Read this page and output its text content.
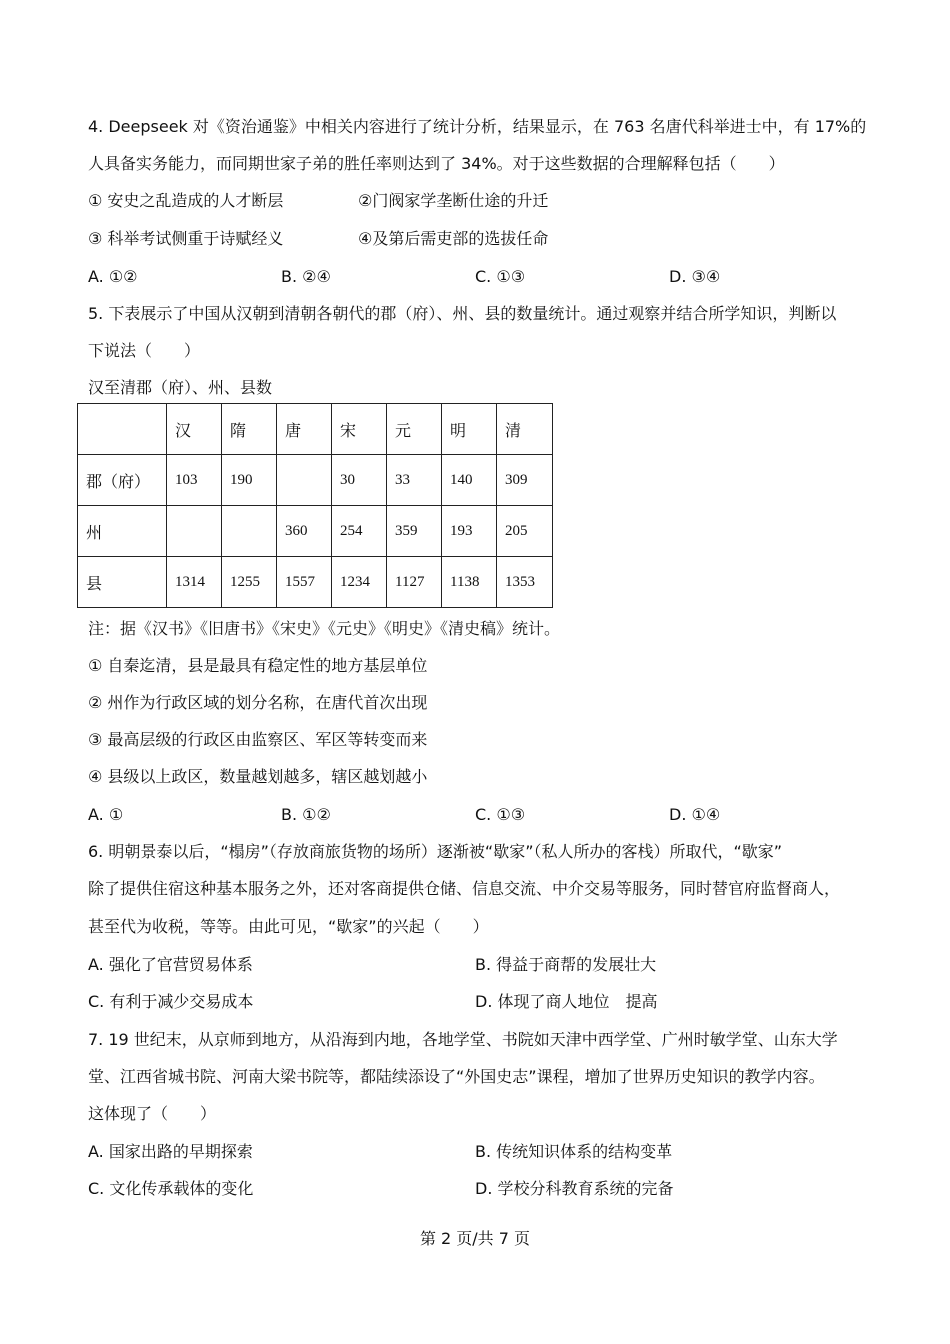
4. Deepseek 对《资治通鉴》中相关内容进行了统计分析，结果显示，在 763 名唐代科举进士中，有 17%的
人具备实务能力，而同期世家子弟的胜任率则达到了 34%。对于这些数据的合理解释包括（　　）
① 安史之乱造成的人才断层	②门阀家学垄断仕途的升迁
③ 科举考试侧重于诗赋经义	④及第后需吏部的选拔任命
A. ①②	B. ②④	C. ①③	D. ③④
5. 下表展示了中国从汉朝到清朝各朝代的郡（府）、州、县的数量统计。通过观察并结合所学知识，判断以
下说法（　　）
汉至清郡（府）、州、县数
	汉	隋	唐	宋	元	明	清
郡（府）	103	190		30	33	140	309
州			360	254	359	193	205
县	1314	1255	1557	1234	1127	1138	1353
注：据《汉书》《旧唐书》《宋史》《元史》《明史》《清史稿》统计。
① 自秦迄清，县是最具有稳定性的地方基层单位
② 州作为行政区域的划分名称，在唐代首次出现
③ 最高层级的行政区由监察区、军区等转变而来
④ 县级以上政区，数量越划越多，辖区越划越小
A. ①	B. ①②	C. ①③	D. ①④
6. 明朝景泰以后，“榻房”（存放商旅货物的场所）逐渐被“歇家”（私人所办的客栈）所取代，“歇家”
除了提供住宿这种基本服务之外，还对客商提供仓储、信息交流、中介交易等服务，同时替官府监督商人，
甚至代为收税，等等。由此可见，“歇家”的兴起（　　）
A. 强化了官营贸易体系	B. 得益于商帮的发展壮大
C. 有利于减少交易成本	D. 体现了商人地位　提高
7. 19 世纪末，从京师到地方，从沿海到内地，各地学堂、书院如天津中西学堂、广州时敏学堂、山东大学
堂、江西省城书院、河南大梁书院等，都陆续添设了“外国史志”课程，增加了世界历史知识的教学内容。
这体现了（　　）
A. 国家出路的早期探索	B. 传统知识体系的结构变革
C. 文化传承载体的变化	D. 学校分科教育系统的完备
第 2 页/共 7 页
